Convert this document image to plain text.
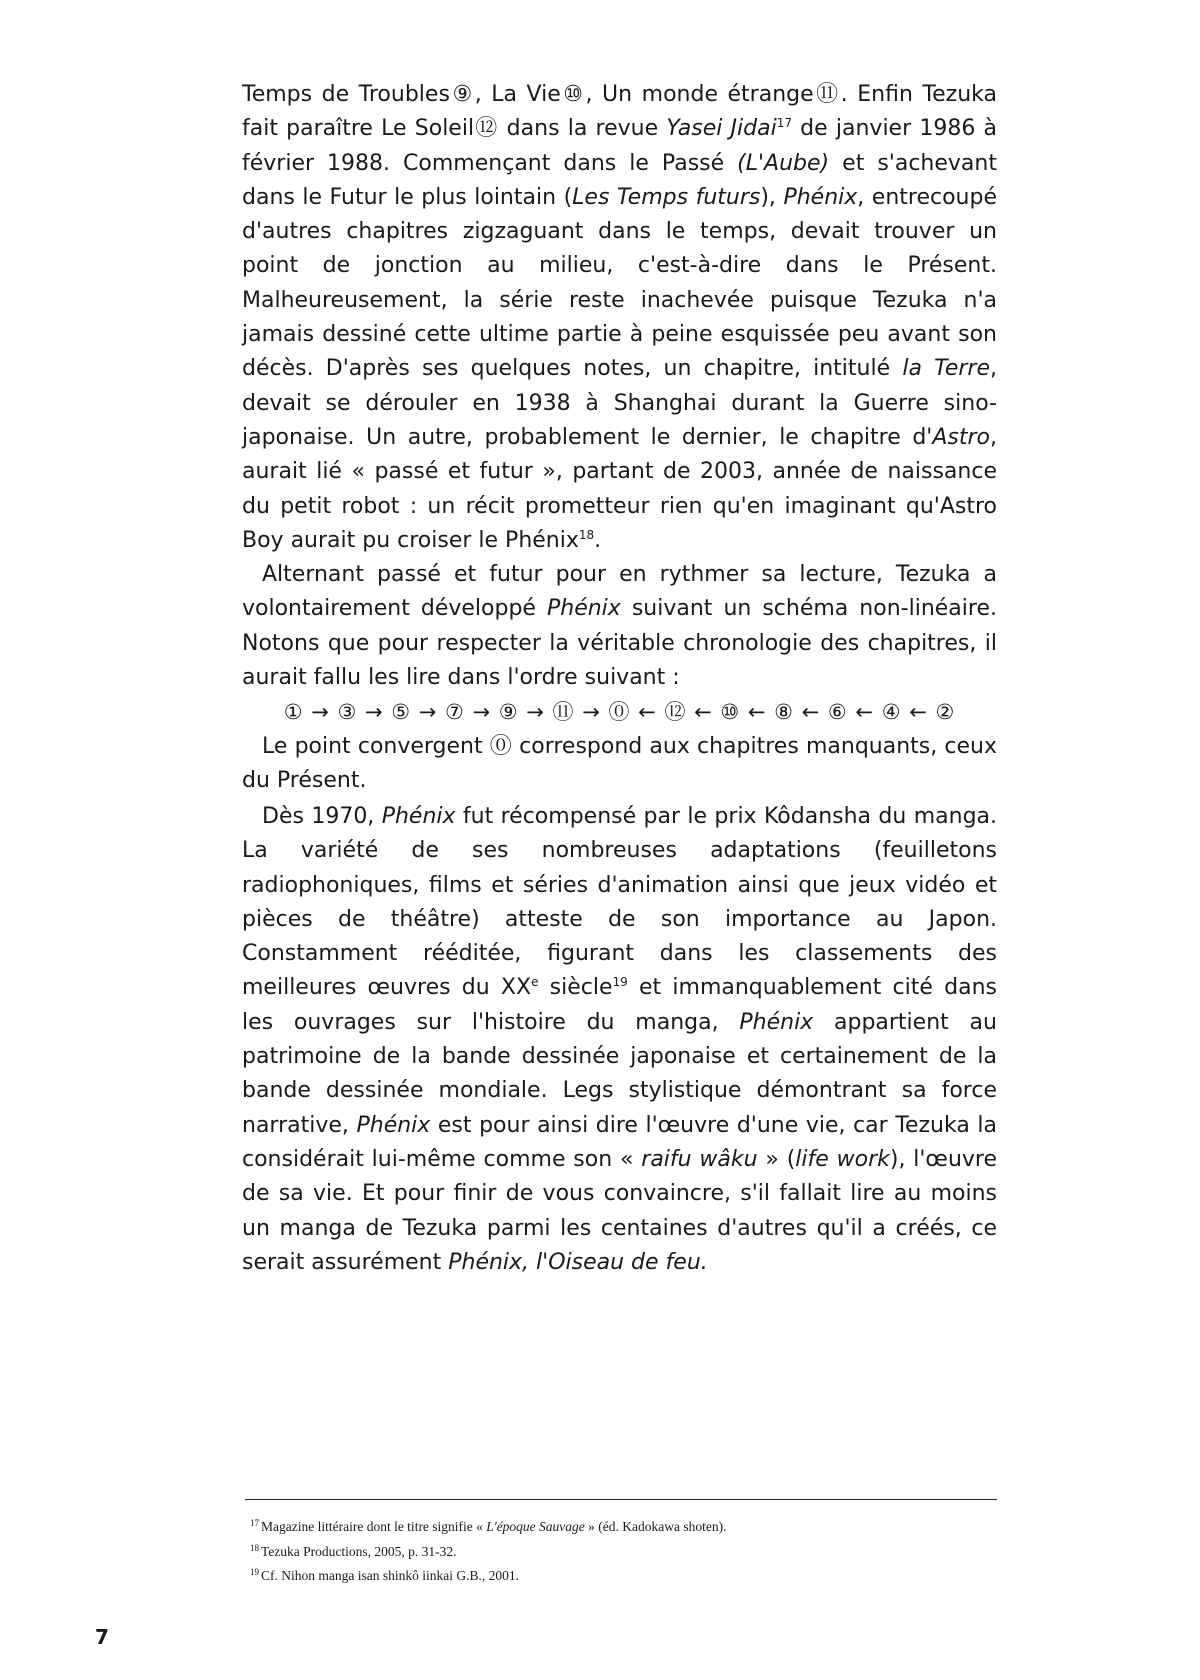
Temps de Troubles⑨, La Vie⑩, Un monde étrange⑪. Enfin Tezuka fait paraître Le Soleil⑫ dans la revue Yasei Jidai$^{17}$ de janvier 1986 à février 1988. Commençant dans le Passé (L'Aube) et s'achevant dans le Futur le plus lointain (Les Temps futurs), Phénix, entrecoupé d'autres chapitres zigzaguant dans le temps, devait trouver un point de jonction au milieu, c'est-à-dire dans le Présent. Malheureusement, la série reste inachevée puisque Tezuka n'a jamais dessiné cette ultime partie à peine esquissée peu avant son décès. D'après ses quelques notes, un chapitre, intitulé la Terre, devait se dérouler en 1938 à Shanghai durant la Guerre sino-japonaise. Un autre, probablement le dernier, le chapitre d'Astro, aurait lié « passé et futur », partant de 2003, année de naissance du petit robot : un récit prometteur rien qu'en imaginant qu'Astro Boy aurait pu croiser le Phénix$^{18}$.

Alternant passé et futur pour en rythmer sa lecture, Tezuka a volontairement développé Phénix suivant un schéma non-linéaire. Notons que pour respecter la véritable chronologie des chapitres, il aurait fallu les lire dans l'ordre suivant :

① → ③ → ⑤ → ⑦ → ⑨ → ⑪ → ⓪ ← ⑫ ← ⑩ ← ⑧ ← ⑥ ← ④ ← ②

Le point convergent ⓪ correspond aux chapitres manquants, ceux du Présent.

Dès 1970, Phénix fut récompensé par le prix Kôdansha du manga. La variété de ses nombreuses adaptations (feuilletons radiophoniques, films et séries d'animation ainsi que jeux vidéo et pièces de théâtre) atteste de son importance au Japon. Constamment rééditée, figurant dans les classements des meilleures œuvres du XXe siècle$^{19}$ et immanquablement cité dans les ouvrages sur l'histoire du manga, Phénix appartient au patrimoine de la bande dessinée japonaise et certainement de la bande dessinée mondiale. Legs stylistique démontrant sa force narrative, Phénix est pour ainsi dire l'œuvre d'une vie, car Tezuka la considérait lui-même comme son « raifu wâku » (life work), l'œuvre de sa vie. Et pour finir de vous convaincre, s'il fallait lire au moins un manga de Tezuka parmi les centaines d'autres qu'il a créés, ce serait assurément Phénix, l'Oiseau de feu.

$^{17}$ Magazine littéraire dont le titre signifie « L'époque Sauvage » (éd. Kadokawa shoten).

$^{18}$ Tezuka Productions, 2005, p. 31-32.

$^{19}$ Cf. Nihon manga isan shinkô iinkai G.B., 2001.

7
